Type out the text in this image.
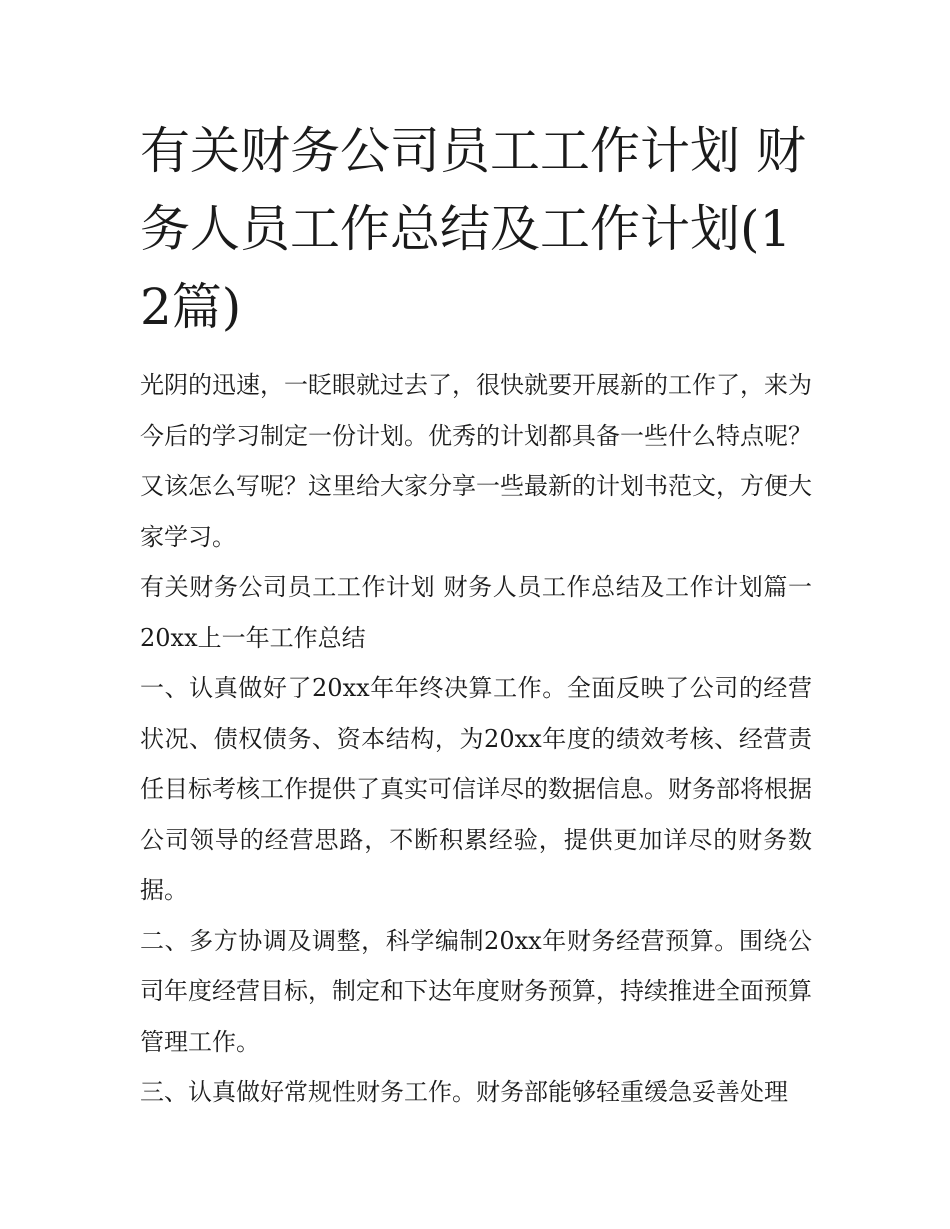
有关财务公司员工工作计划 财务人员工作总结及工作计划(12篇)

光阴的迅速，一眨眼就过去了，很快就要开展新的工作了，来为今后的学习制定一份计划。优秀的计划都具备一些什么特点呢？又该怎么写呢？这里给大家分享一些最新的计划书范文，方便大家学习。

有关财务公司员工工作计划 财务人员工作总结及工作计划篇一 20xx上一年工作总结

一、认真做好了20xx年年终决算工作。全面反映了公司的经营状况、债权债务、资本结构，为20xx年度的绩效考核、经营责任目标考核工作提供了真实可信详尽的数据信息。财务部将根据公司领导的经营思路，不断积累经验，提供更加详尽的财务数据。

二、多方协调及调整，科学编制20xx年财务经营预算。围绕公司年度经营目标，制定和下达年度财务预算，持续推进全面预算管理工作。

三、认真做好常规性财务工作。财务部能够轻重缓急妥善处理
